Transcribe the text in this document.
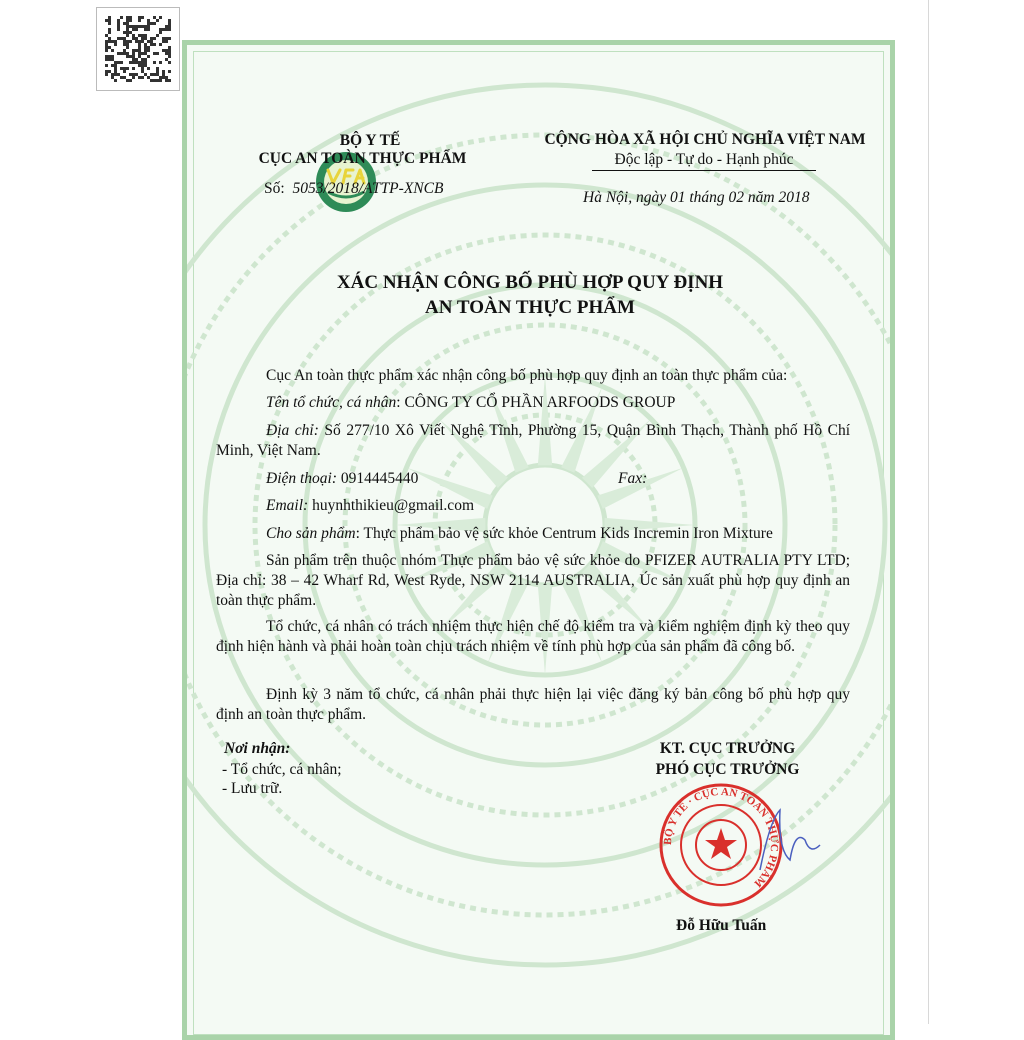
BỘ Y TẾ
CỤC AN TOÀN THỰC PHẨM
Số: 5053/2018/ATTP-XNCB
CỘNG HÒA XÃ HỘI CHỦ NGHĨA VIỆT NAM
Độc lập - Tự do - Hạnh phúc
Hà Nội, ngày 01 tháng 02 năm 2018
XÁC NHẬN CÔNG BỐ PHÙ HỢP QUY ĐỊNH
AN TOÀN THỰC PHẨM
Cục An toàn thực phẩm xác nhận công bố phù hợp quy định an toàn thực phẩm của:
Tên tổ chức, cá nhân: CÔNG TY CỔ PHẦN ARFOODS GROUP
Địa chỉ: Số 277/10 Xô Viết Nghệ Tĩnh, Phường 15, Quận Bình Thạch, Thành phố Hồ Chí Minh, Việt Nam.
Điện thoại: 0914445440	Fax:
Email: huynhthikieu@gmail.com
Cho sản phẩm: Thực phẩm bảo vệ sức khỏe Centrum Kids Incremin Iron Mixture
Sản phẩm trên thuộc nhóm Thực phẩm bảo vệ sức khỏe do PFIZER AUTRALIA PTY LTD; Địa chỉ: 38 – 42 Wharf Rd, West Ryde, NSW 2114 AUSTRALIA, Úc sản xuất phù hợp quy định an toàn thực phẩm.
Tổ chức, cá nhân có trách nhiệm thực hiện chế độ kiểm tra và kiểm nghiệm định kỳ theo quy định hiện hành và phải hoàn toàn chịu trách nhiệm về tính phù hợp của sản phẩm đã công bố.
Định kỳ 3 năm tổ chức, cá nhân phải thực hiện lại việc đăng ký bản công bố phù hợp quy định an toàn thực phẩm.
Nơi nhận:
- Tổ chức, cá nhân;
- Lưu trữ.
KT. CỤC TRƯỞNG
PHÓ CỤC TRƯỞNG
BỘ Y TẾ · CỤC AN TOÀN THỰC PHẨM
Đỗ Hữu Tuấn
